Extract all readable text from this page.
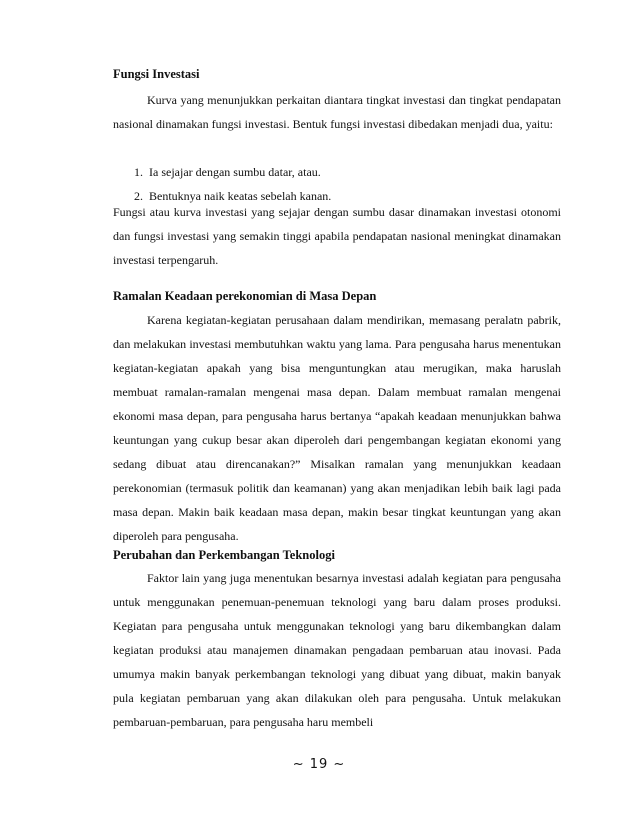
Fungsi Investasi
Kurva yang menunjukkan perkaitan diantara tingkat investasi dan tingkat pendapatan nasional dinamakan fungsi investasi. Bentuk fungsi investasi dibedakan menjadi dua, yaitu:
1. Ia sejajar dengan sumbu datar, atau.
2. Bentuknya naik keatas sebelah kanan.
Fungsi atau kurva investasi yang sejajar dengan sumbu dasar dinamakan investasi otonomi dan fungsi investasi yang semakin tinggi apabila pendapatan nasional meningkat dinamakan investasi terpengaruh.
Ramalan Keadaan perekonomian di Masa Depan
Karena kegiatan-kegiatan perusahaan dalam mendirikan, memasang peralatn pabrik, dan melakukan investasi membutuhkan waktu yang lama. Para pengusaha harus menentukan kegiatan-kegiatan apakah yang bisa menguntungkan atau merugikan, maka haruslah membuat ramalan-ramalan mengenai masa depan. Dalam membuat ramalan mengenai ekonomi masa depan, para pengusaha harus bertanya “apakah keadaan menunjukkan bahwa keuntungan yang cukup besar akan diperoleh dari pengembangan kegiatan ekonomi yang sedang dibuat atau direncanakan?” Misalkan ramalan yang menunjukkan keadaan perekonomian (termasuk politik dan keamanan) yang akan menjadikan lebih baik lagi pada masa depan. Makin baik keadaan masa depan, makin besar tingkat keuntungan yang akan diperoleh para pengusaha.
Perubahan dan Perkembangan Teknologi
Faktor lain yang juga menentukan besarnya investasi adalah kegiatan para pengusaha untuk menggunakan penemuan-penemuan teknologi yang baru dalam proses produksi. Kegiatan para pengusaha untuk menggunakan teknologi yang baru dikembangkan dalam kegiatan produksi atau manajemen dinamakan pengadaan pembaruan atau inovasi. Pada umumya makin banyak perkembangan teknologi yang dibuat yang dibuat, makin banyak pula kegiatan pembaruan yang akan dilakukan oleh para pengusaha. Untuk melakukan pembaruan-pembaruan, para pengusaha haru membeli
~ 19 ~
